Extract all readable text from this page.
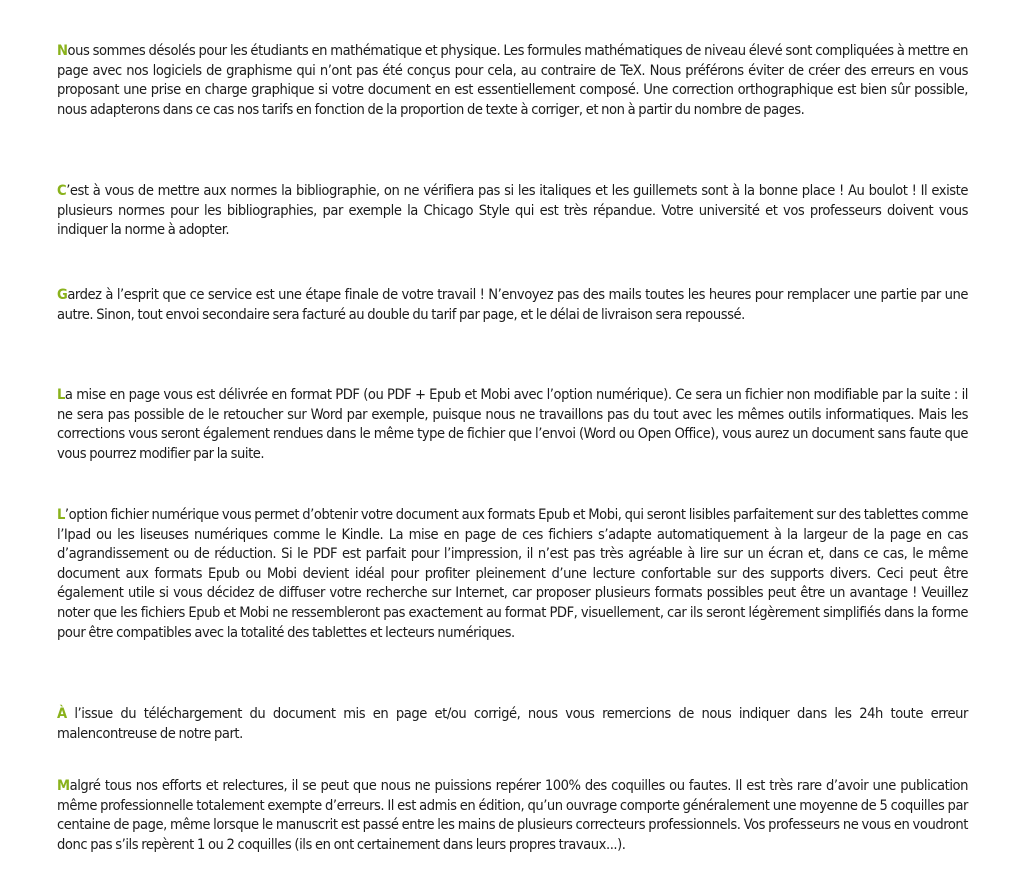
Nous sommes désolés pour les étudiants en mathématique et physique. Les formules mathématiques de niveau élevé sont compliquées à mettre en page avec nos logiciels de graphisme qui n’ont pas été conçus pour cela, au contraire de TeX. Nous préférons éviter de créer des erreurs en vous proposant une prise en charge graphique si votre document en est essentiellement composé. Une correction orthographique est bien sûr possible, nous adapterons dans ce cas nos tarifs en fonction de la proportion de texte à corriger, et non à partir du nombre de pages.

C’est à vous de mettre aux normes la bibliographie, on ne vérifiera pas si les italiques et les guillemets sont à la bonne place ! Au boulot ! Il existe plusieurs normes pour les bibliographies, par exemple la Chicago Style qui est très répandue. Votre université et vos professeurs doivent vous indiquer la norme à adopter.

Gardez à l’esprit que ce service est une étape finale de votre travail ! N’envoyez pas des mails toutes les heures pour remplacer une partie par une autre. Sinon, tout envoi secondaire sera facturé au double du tarif par page, et le délai de livraison sera repoussé.

La mise en page vous est délivrée en format PDF (ou PDF + Epub et Mobi avec l’option numérique). Ce sera un fichier non modifiable par la suite : il ne sera pas possible de le retoucher sur Word par exemple, puisque nous ne travaillons pas du tout avec les mêmes outils informatiques. Mais les corrections vous seront également rendues dans le même type de fichier que l’envoi (Word ou Open Office), vous aurez un document sans faute que vous pourrez modifier par la suite.

L’option fichier numérique vous permet d’obtenir votre document aux formats Epub et Mobi, qui seront lisibles parfaitement sur des tablettes comme l’Ipad ou les liseuses numériques comme le Kindle. La mise en page de ces fichiers s’adapte automatiquement à la largeur de la page en cas d’agrandissement ou de réduction. Si le PDF est parfait pour l’impression, il n’est pas très agréable à lire sur un écran et, dans ce cas, le même document aux formats Epub ou Mobi devient idéal pour profiter pleinement d’une lecture confortable sur des supports divers. Ceci peut être également utile si vous décidez de diffuser votre recherche sur Internet, car proposer plusieurs formats possibles peut être un avantage ! Veuillez noter que les fichiers Epub et Mobi ne ressembleront pas exactement au format PDF, visuellement, car ils seront légèrement simplifiés dans la forme pour être compatibles avec la totalité des tablettes et lecteurs numériques.

À l’issue du téléchargement du document mis en page et/ou corrigé, nous vous remercions de nous indiquer dans les 24h toute erreur malencontreuse de notre part.

Malgré tous nos efforts et relectures, il se peut que nous ne puissions repérer 100% des coquilles ou fautes. Il est très rare d’avoir une publication même professionnelle totalement exempte d’erreurs. Il est admis en édition, qu’un ouvrage comporte généralement une moyenne de 5 coquilles par centaine de page, même lorsque le manuscrit est passé entre les mains de plusieurs correcteurs professionnels. Vos professeurs ne vous en voudront donc pas s’ils repèrent 1 ou 2 coquilles (ils en ont certainement dans leurs propres travaux...).
